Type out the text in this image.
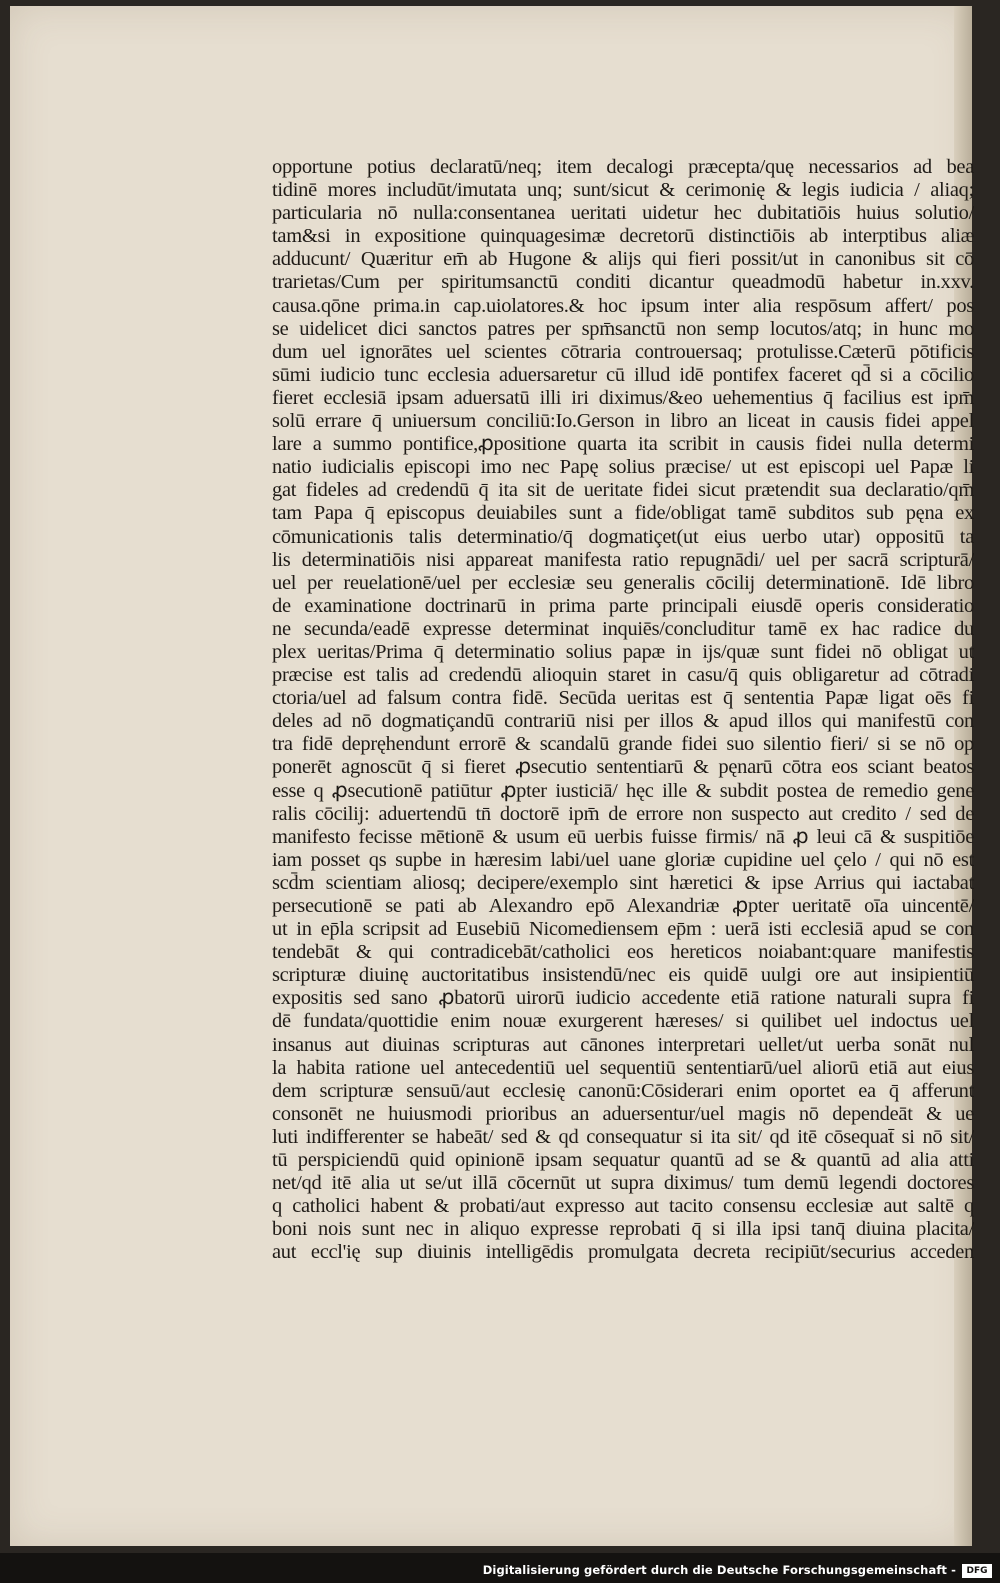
opportune potius declaratū/neq; item decalogi præcepta/quę necessarios ad bea
tidinē mores includūt/imutata unq; sunt/sicut & cerimonię & legis iudicia / aliaq;
particularia nō nulla:consentanea ueritati uidetur hec dubitatiōis huius solutio/
tam&si in expositione quinquagesimæ decretorū distinctiōis ab interptibus aliæ
adducunt/ Quæritur em̄ ab Hugone & alijs qui fieri possit/ut in canonibus sit cō
trarietas/Cum per spiritumsanctū conditi dicantur queadmodū habetur in.xxv.
causa.qōne prima.in cap.uiolatores.& hoc ipsum inter alia respōsum affert/ pos
se uidelicet dici sanctos patres per spm̄sanctū non semp locutos/atq; in hunc mo
dum uel ignorātes uel scientes cōtraria controuersaq; protulisse.Cæterū pōtificis
sūmi iudicio tunc ecclesia aduersaretur cū illud idē pontifex faceret qd̄ si a cōcilio
fieret ecclesiā ipsam aduersatū illi iri diximus/&eo uehementius q̄ facilius est ipm̄
solū errare q̄ uniuersum conciliū:Io.Gerson in libro an liceat in causis fidei appel
lare a summo pontifice,ꝓpositione quarta ita scribit in causis fidei nulla determi
natio iudicialis episcopi imo nec Papę solius præcise/ ut est episcopi uel Papæ li
gat fideles ad credendū q̄ ita sit de ueritate fidei sicut prætendit sua declaratio/qm̄
tam Papa q̄ episcopus deuiabiles sunt a fide/obligat tamē subditos sub pęna ex
cōmunicationis talis determinatio/q̄ dogmatiçet(ut eius uerbo utar) oppositū ta
lis determinatiōis nisi appareat manifesta ratio repugnādi/ uel per sacrā scripturā/
uel per reuelationē/uel per ecclesiæ seu generalis cōcilij determinationē. Idē libro
de examinatione doctrinarū in prima parte principali eiusdē operis consideratio
ne secunda/eadē expresse determinat inquiēs/concluditur tamē ex hac radice du
plex ueritas/Prima q̄ determinatio solius papæ in ijs/quæ sunt fidei nō obligat ut
præcise est talis ad credendū alioquin staret in casu/q̄ quis obligaretur ad cōtradi
ctoria/uel ad falsum contra fidē. Secūda ueritas est q̄ sententia Papæ ligat oēs fi
deles ad nō dogmatiçandū contrariū nisi per illos & apud illos qui manifestū con
tra fidē depręhendunt errorē & scandalū grande fidei suo silentio fieri/ si se nō op
ponerēt agnoscūt q̄ si fieret ꝓsecutio sententiarū & pęnarū cōtra eos sciant beatos
esse q ꝓsecutionē patiūtur ꝓpter iusticiā/ hęc ille & subdit postea de remedio gene
ralis cōcilij: aduertendū tn̄ doctorē ipm̄ de errore non suspecto aut credito / sed de
manifesto fecisse mētionē & usum eū uerbis fuisse firmis/ nā ꝓ leui cā & suspitiōe
iam posset qs supbe in hæresim labi/uel uane gloriæ cupidine uel çelo / qui nō est
scd̄m scientiam aliosq; decipere/exemplo sint hæretici & ipse Arrius qui iactabat
persecutionē se pati ab Alexandro epō Alexandriæ ꝓpter ueritatē oīa uincentē/
ut in ep̄la scripsit ad Eusebiū Nicomediensem ep̄m : uerā isti ecclesiā apud se con
tendebāt & qui contradicebāt/catholici eos hereticos noiabant:quare manifestis
scripturæ diuinę auctoritatibus insistendū/nec eis quidē uulgi ore aut insipientiū
expositis sed sano ꝓbatorū uirorū iudicio accedente etiā ratione naturali supra fi
dē fundata/quottidie enim nouæ exurgerent hæreses/ si quilibet uel indoctus uel
insanus aut diuinas scripturas aut cānones interpretari uellet/ut uerba sonāt nul
la habita ratione uel antecedentiū uel sequentiū sententiarū/uel aliorū etiā aut eius
dem scripturæ sensuū/aut ecclesię canonū:Cōsiderari enim oportet ea q̄ afferunt
consonēt ne huiusmodi prioribus an aduersentur/uel magis nō dependeāt & ue
luti indifferenter se habeāt/ sed & qd consequatur si ita sit/ qd itē cōsequat̄ si nō sit/
tū perspiciendū quid opinionē ipsam sequatur quantū ad se & quantū ad alia atti
net/qd itē alia ut se/ut illā cōcernūt ut supra diximus/ tum demū legendi doctores
q catholici habent & probati/aut expresso aut tacito consensu ecclesiæ aut saltē q
boni nois sunt nec in aliquo expresse reprobati q̄ si illa ipsi tanq̄ diuina placita/
aut eccl'ię sup diuinis intelligēdis promulgata decreta recipiūt/securius acceden
Digitalisierung gefördert durch die Deutsche Forschungsgemeinschaft -	DFG
